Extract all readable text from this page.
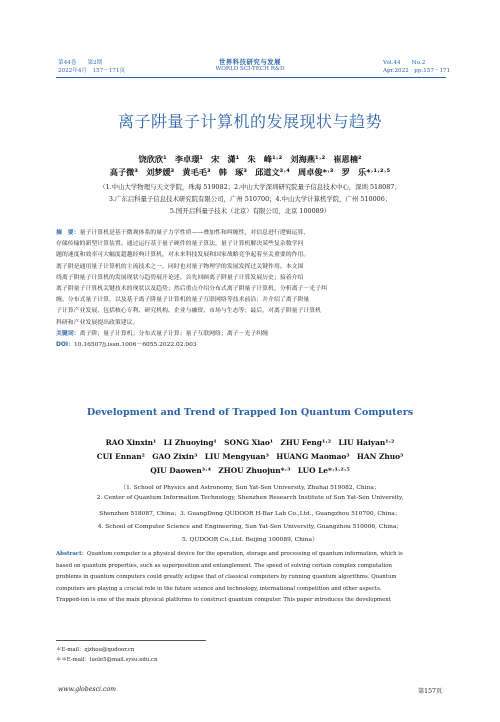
第44卷　　第2期
2022年4月　157－171页
世界科技研究与发展
WORLD SCI-TECH R&D
Vol.44　　No.2
Apr.2022　pp.157－171
离子阱量子计算机的发展现状与趋势
饶欣欣¹　李卓璟¹　宋　潇¹　朱　峰¹˒²　刘海燕¹˒²　崔恩楠²
高子微³　刘梦媛³　黄毛毛³　韩　琢³　邱道文³˒⁴　周卓俊*˒³　罗　乐*˒¹˒²˒⁵
（1.中山大学物理与天文学院，珠海 519082；2.中山大学深圳研究院量子信息技术中心，深圳 518087；
3.广东启科量子信息技术研究院有限公司，广州 510700；4.中山大学计算机学院，广州 510006；
5.国开启科量子技术（北京）有限公司，北京 100089）
摘　要：量子计算机是基于微观体系的量子力学性质——叠加性和纠缠性，对信息进行逻辑运算、
存储传输的新型计算装置。通过运行基于量子硬件的量子算法，量子计算机解决某些复杂数学问
题的速度和效率可大幅度超越经典计算机，对未来科技发展和国家战略竞争起着至关重要的作用。
离子阱是通用量子计算机的主流技术之一，同时也对量子物理学的发展发挥过关键作用。本文围
绕离子阱量子计算机的发展现状与趋势展开论述。首先回顾离子阱量子计算发展历史；接着介绍
离子阱量子计算机关键技术的现状以及趋势；然后重点介绍分布式离子阱量子计算机，分析离子－光子纠
缠、分布式量子计算，以及基于离子阱量子计算机的量子互联网络等技术前沿；并介绍了离子阱量
子计算产业发展，包括核心专利、研究机构、企业与融资、市场与生态等；最后，对离子阱量子计算机
科研和产业发展提出政策建议。
关键词：离子阱；量子计算机；分布式量子计算；量子互联网络；离子－光子纠缠
DOI：10.16507/j.issn.1006－6055.2022.02.003
Development and Trend of Trapped Ion Quantum Computers
RAO Xinxin¹　LI Zhuoying¹　SONG Xiao¹　ZHU Feng¹˒²　LIU Haiyan¹˒²
CUI Ennan²　GAO Zixin³　LIU Mengyuan³　HUANG Maomao³　HAN Zhuo³
QIU Daowen³˒⁴　ZHOU Zhuojun*˒³　LUO Le*˒¹˒²˒⁵
（1. School of Physics and Astronomy, Sun Yat-Sen University, Zhuhai 519082, China；
2. Center of Quantum Information Technology, Shenzhen Research Institute of Sun Yat-Sen University,
Shenzhen 518087, China；3. GuangDong QUDOOR H-Bar Lab Co.,Ltd., Guangzhou 510700, China；
4. School of Computer Science and Engineering, Sun Yat-Sen University, Guangzhou 510006, China；
5. QUDOOR Co.,Ltd. Beijing 100089, China）
Abstract：Quantum computer is a physical device for the operation, storage and processing of quantum information, which is
based on quantum properties, such as superposition and entanglement. The speed of solving certain complex computation
problems in quantum computers could greatly eclipse that of classical computers by running quantum algorithms. Quantum
computers are playing a crucial role in the future science and technology, international competition and other aspects.
Trapped-ion is one of the main physical platforms to construct quantum computer. This paper introduces the development
＊E-mail：zjzhou@qudoor.cn
＊＊E-mail：luole5@mail.sysu.edu.cn
www.globesci.com	第157页
